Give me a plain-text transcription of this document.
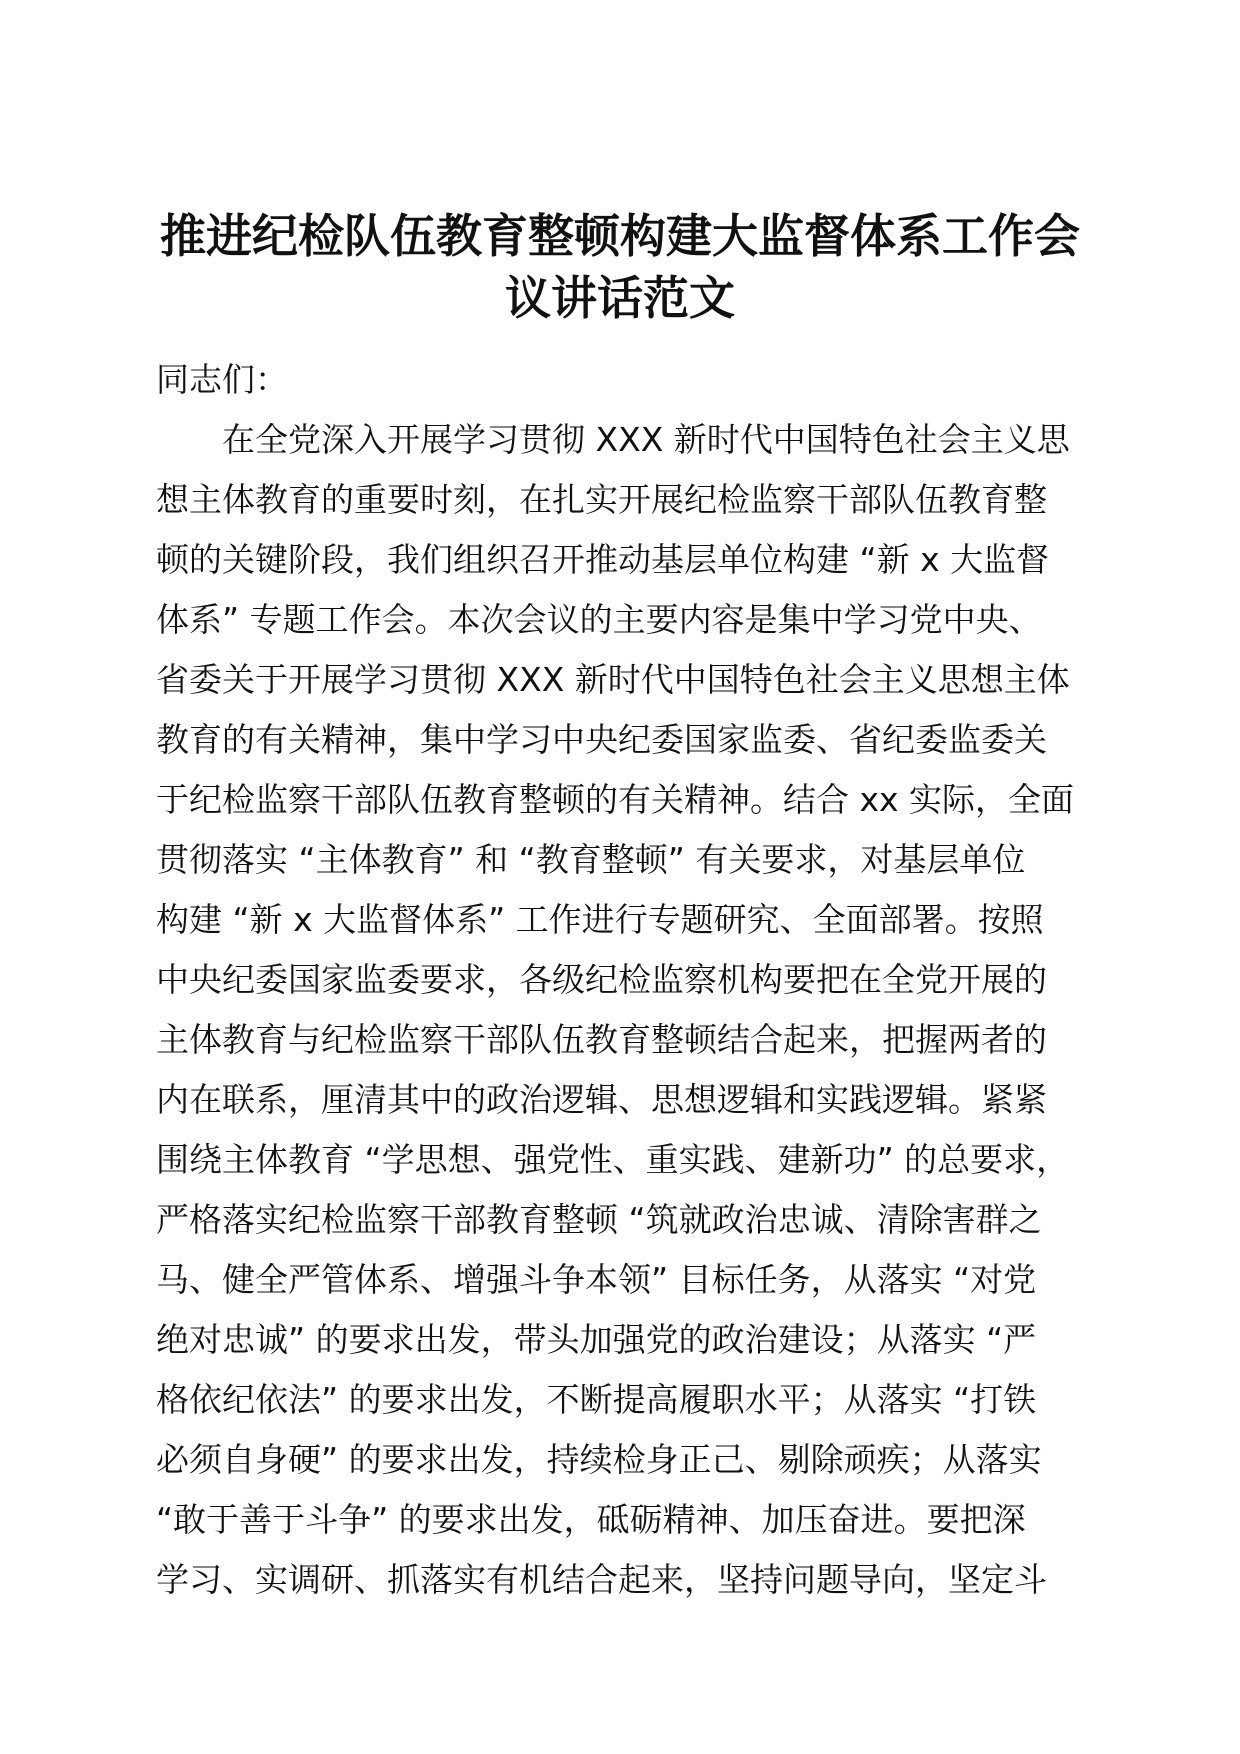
推进纪检队伍教育整顿构建大监督体系工作会
议讲话范文
同志们：
在全党深入开展学习贯彻 XXX 新时代中国特色社会主义思
想主体教育的重要时刻，在扎实开展纪检监察干部队伍教育整
顿的关键阶段，我们组织召开推动基层单位构建 “新 x 大监督
体系” 专题工作会。本次会议的主要内容是集中学习党中央、
省委关于开展学习贯彻 XXX 新时代中国特色社会主义思想主体
教育的有关精神，集中学习中央纪委国家监委、省纪委监委关
于纪检监察干部队伍教育整顿的有关精神。结合 xx 实际，全面
贯彻落实 “主体教育” 和 “教育整顿” 有关要求，对基层单位
构建 “新 x 大监督体系” 工作进行专题研究、全面部署。按照
中央纪委国家监委要求，各级纪检监察机构要把在全党开展的
主体教育与纪检监察干部队伍教育整顿结合起来，把握两者的
内在联系，厘清其中的政治逻辑、思想逻辑和实践逻辑。紧紧
围绕主体教育 “学思想、强党性、重实践、建新功” 的总要求，
严格落实纪检监察干部教育整顿 “筑就政治忠诚、清除害群之
马、健全严管体系、增强斗争本领” 目标任务，从落实 “对党
绝对忠诚” 的要求出发，带头加强党的政治建设；从落实 “严
格依纪依法” 的要求出发，不断提高履职水平；从落实 “打铁
必须自身硬” 的要求出发，持续检身正己、剔除顽疾；从落实
“敢于善于斗争” 的要求出发，砥砺精神、加压奋进。要把深
学习、实调研、抓落实有机结合起来，坚持问题导向，坚定斗
